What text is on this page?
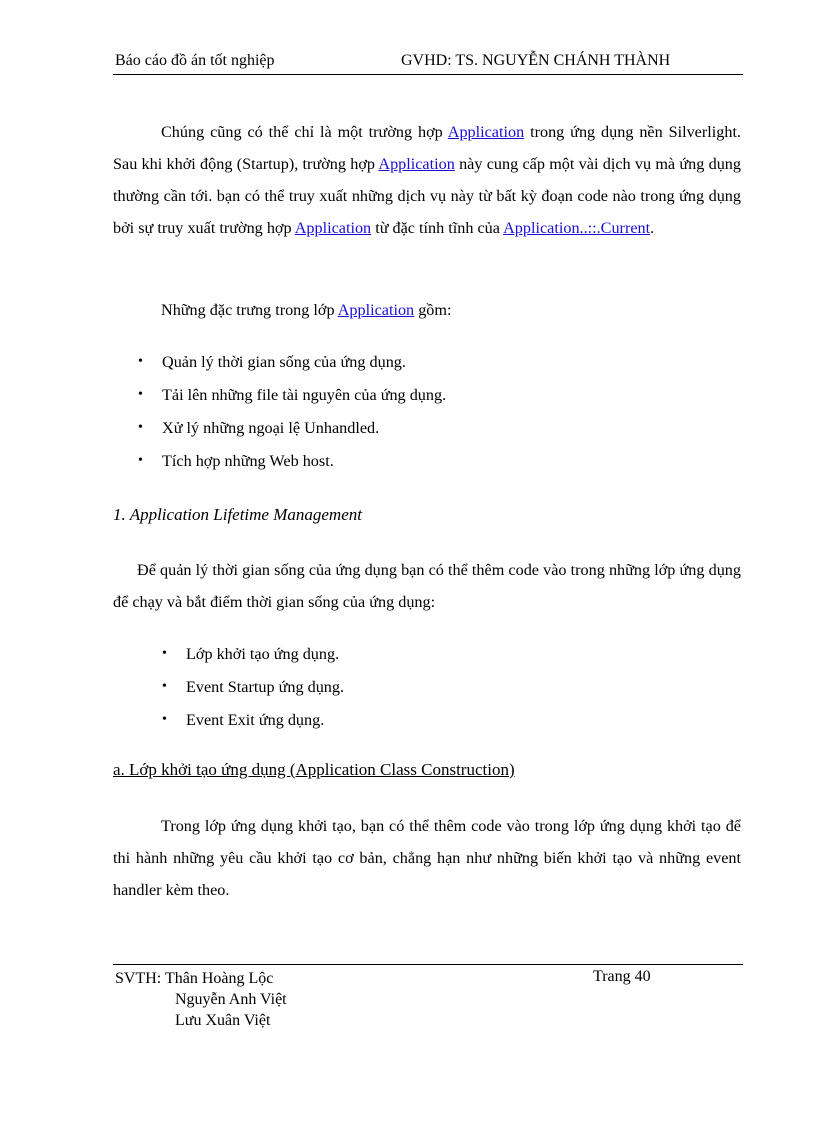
Báo cáo đồ án tốt nghiệp	GVHD: TS. NGUYỄN CHÁNH THÀNH

Chúng cũng có thể chỉ là một trường hợp Application trong ứng dụng nền Silverlight. Sau khi khởi động (Startup), trường hợp Application này cung cấp một vài dịch vụ mà ứng dụng thường cần tới. bạn có thể truy xuất những dịch vụ này từ bất kỳ đoạn code nào trong ứng dụng bởi sự truy xuất trường hợp Application từ đặc tính tĩnh của Application..::.Current.

Những đặc trưng trong lớp Application gồm:

• Quản lý thời gian sống của ứng dụng.
• Tải lên những file tài nguyên của ứng dụng.
• Xử lý những ngoại lệ Unhandled.
• Tích hợp những Web host.
1. Application Lifetime Management

Để quản lý thời gian sống của ứng dụng bạn có thể thêm code vào trong những lớp ứng dụng để chạy và bắt điểm thời gian sống của ứng dụng:

• Lớp khởi tạo ứng dụng.
• Event Startup ứng dụng.
• Event Exit ứng dụng.
a. Lớp khởi tạo ứng dụng (Application Class Construction)

Trong lớp ứng dụng khởi tạo, bạn có thể thêm code vào trong lớp ứng dụng khởi tạo để thi hành những yêu cầu khởi tạo cơ bản, chẳng hạn như những biến khởi tạo và những event handler kèm theo.

SVTH: Thân Hoàng Lộc
Nguyễn Anh Việt
Lưu Xuân Việt
Trang 40
